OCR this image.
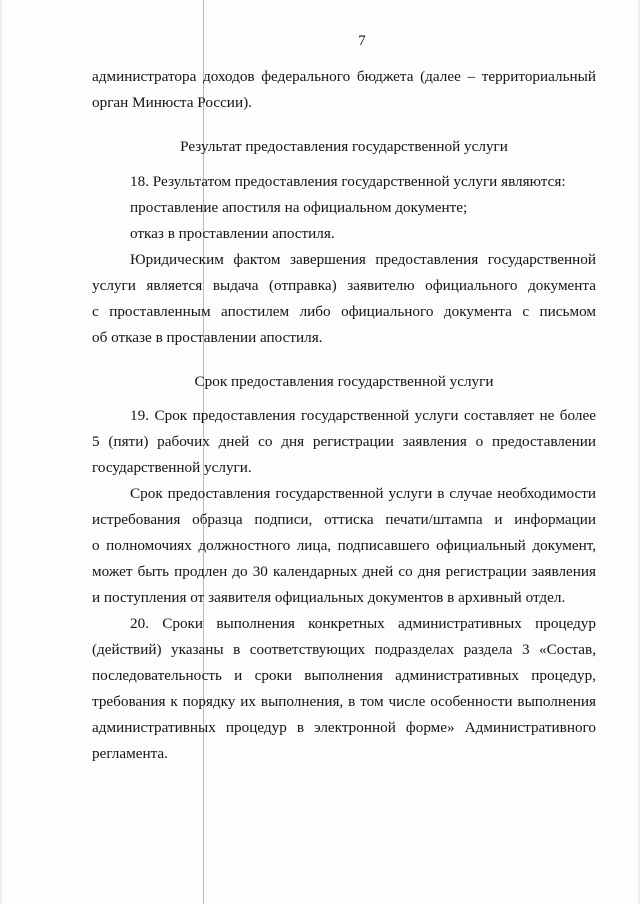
7
администратора доходов федерального бюджета (далее – территориальный
орган Минюста России).
Результат предоставления государственной услуги
18. Результатом предоставления государственной услуги являются:
проставление апостиля на официальном документе;
отказ в проставлении апостиля.
Юридическим фактом завершения предоставления государственной
услуги является выдача (отправка) заявителю официального документа
с проставленным апостилем либо официального документа с письмом
об отказе в проставлении апостиля.
Срок предоставления государственной услуги
19. Срок предоставления государственной услуги составляет не более
5 (пяти) рабочих дней со дня регистрации заявления о предоставлении
государственной услуги.
Срок предоставления государственной услуги в случае необходимости
истребования образца подписи, оттиска печати/штампа и информации
о полномочиях должностного лица, подписавшего официальный документ,
может быть продлен до 30 календарных дней со дня регистрации заявления
и поступления от заявителя официальных документов в архивный отдел.
20. Сроки выполнения конкретных административных процедур
(действий) указаны в соответствующих подразделах раздела 3 «Состав,
последовательность и сроки выполнения административных процедур,
требования к порядку их выполнения, в том числе особенности выполнения
административных процедур в электронной форме» Административного
регламента.
